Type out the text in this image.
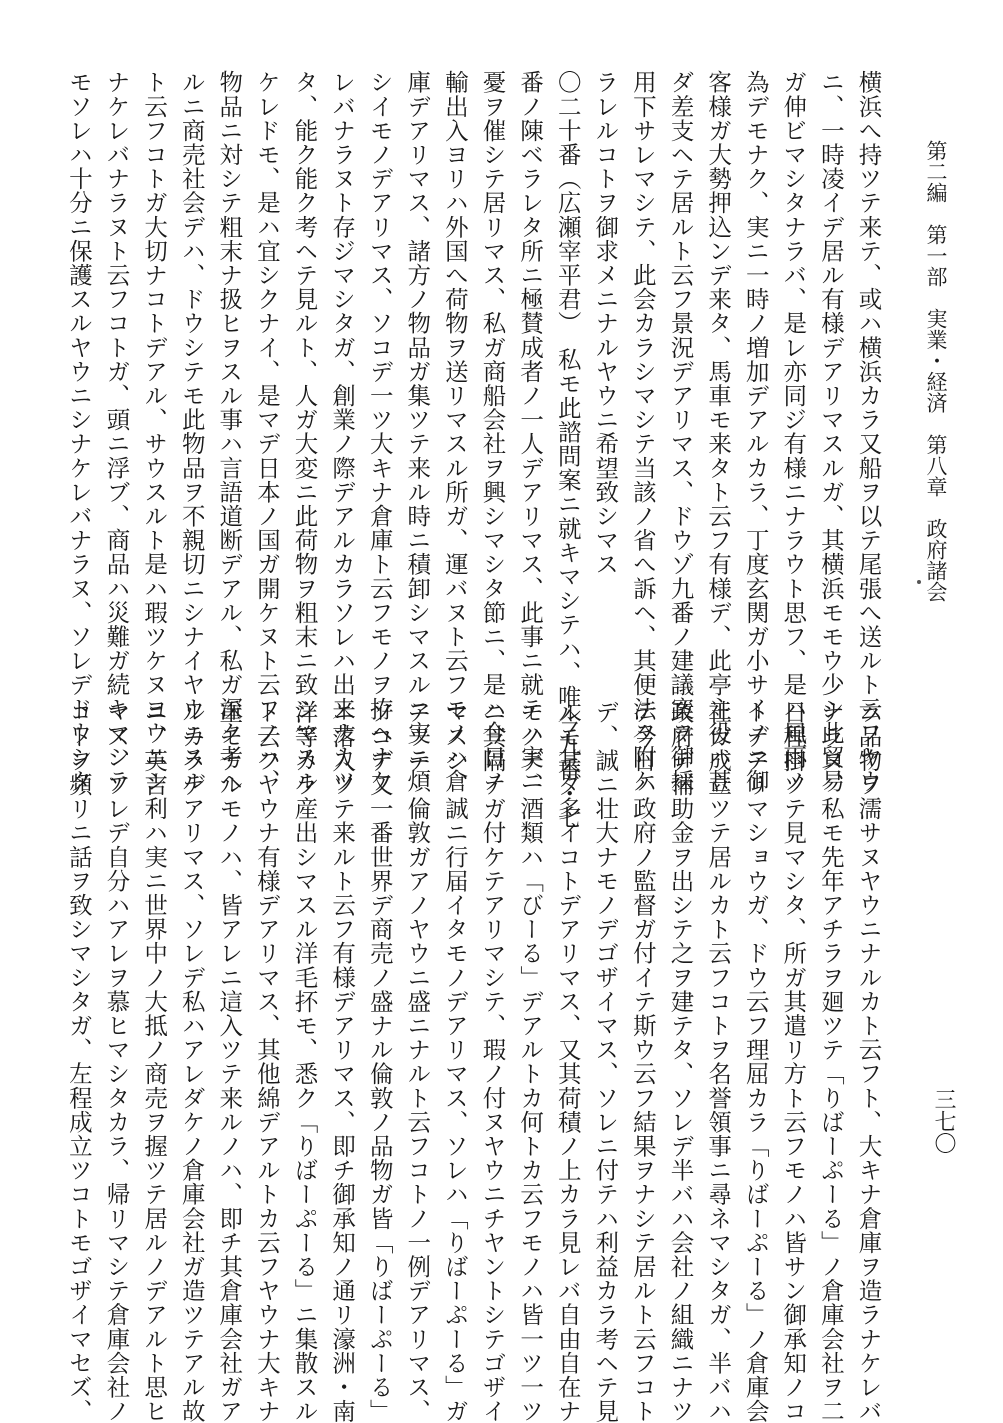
第二編　第一部　実業・経済　第八章　政府諸会
三七〇
横浜へ持ツテ来テ、或ハ横浜カラ又船ヲ以テ尾張へ送ルト云フヤウ
ニ、一時凌イデ居ル有様デアリマスルガ、其横浜モモウ少シ此貿易
ガ伸ビマシタナラバ、是レ亦同ジ有様ニナラウト思フ、是ハ風雨ノ
為デモナク、実ニ一時ノ増加デアルカラ、丁度玄関ガ小サイノニ御
客様ガ大勢押込ンデ来タ、馬車モ来タト云フ有様デ、此亭主役ハ甚
ダ差支ヘテ居ルト云フ景況デアリマス、ドウゾ九番ノ建議案ヲ御採
用下サレマシテ、此会カラシマシテ当該ノ省へ訴ヘ、其便法ヲ附ケ
ラレルコトヲ御求メニナルヤウニ希望致シマス
〇二十番（広瀬宰平君）　私モ此諮問案ニ就キマシテハ、唯今九番・七
番ノ陳ベラレタ所ニ極賛成者ノ一人デアリマス、此事ニ就テハ実ニ
憂ヲ催シテ居リマス、私ガ商船会社ヲ興シマシタ節ニ、是ハ今日ノ
輸出入ヨリハ外国へ荷物ヲ送リマスル所ガ、運バヌト云フモノハ倉
庫デアリマス、諸方ノ物品ガ集ツテ来ル時ニ積卸シマスルニ実ニ煩
シイモノデアリマス、ソコデ一ツ大キナ倉庫ト云フモノヲ拵ヘナケ
レバナラヌト存ジマシタガ、創業ノ際デアルカラソレハ出来ナカツ
タ、能ク能ク考ヘテ見ルト、人ガ大変ニ此荷物ヲ粗末ニ致シマスル
ケレドモ、是ハ宜シクナイ、是マデ日本ノ国ガ開ケヌト云フノハ、
物品ニ対シテ粗末ナ扱ヒヲスル事ハ言語道断デアル、私ガ深ク考ヘ
ルニ商売社会デハ、ドウシテモ此物品ヲ不親切ニシナイヤウニスル
ト云フコトガ大切ナコトデアル、サウスルト是ハ瑕ツケヌヨウニシ
ナケレバナラヌト云フコトガ、頭ニ浮ブ、商品ハ災難ガ続キマシテ
モソレハ十分ニ保護スルヤウニシナケレバナラヌ、ソレデドウシタ
ラ品物ヲ濡サヌヤウニナルカト云フト、大キナ倉庫ヲ造ラナケレバ
ナラヌ、私モ先年アチラヲ廻ツテ「りばーぷーる」ノ倉庫会社ヲ二
日程掛ツテ見マシタ、所ガ其遣リ方ト云フモノハ皆サン御承知ノコ
トデアリマショウガ、ドウ云フ理屈カラ「りばーぷーる」ノ倉庫会
社ガ成立ツテ居ルカト云フコトヲ名誉領事ニ尋ネマシタガ、半バハ
政府デ補助金ヲ出シテ之ヲ建テタ、ソレデ半バハ会社ノ組織ニナツ
テ今日ハ政府ノ監督ガ付イテ斯ウ云フ結果ヲナシテ居ルト云フコト
デ、誠ニ壮大ナモノデゴザイマス、ソレニ付テハ利益カラ考ヘテ見
ルモ甚ダ多イコトデアリマス、又其荷積ノ上カラ見レバ自由自在ナ
モノデ、酒類ハ「びーる」デアルトカ何トカ云フモノハ皆一ツ一ツ
ニ其隔テガ付ケテアリマシテ、瑕ノ付ヌヤウニチヤントシテゴザイ
マスシ、誠ニ行届イタモノデアリマス、ソレハ「りばーぷーる」ガ
アツテ、倫敦ガアノヤウニ盛ニナルト云フコトノ一例デアリマス、
ソコデ又一番世界デ商売ノ盛ナル倫敦ノ品物ガ皆「りばーぷーる」
ニ落入ツテ来ルト云フ有様デアリマス、即チ御承知ノ通リ濠洲・南
洋等カラ産出シマスル洋毛抔モ、悉ク「りばーぷーる」ニ集散スル
ト云フヤウナ有様デアリマス、其他綿デアルトカ云フヤウナ大キナ
重モナルモノハ、皆アレニ這入ツテ来ルノハ、即チ其倉庫会社ガア
ルカラデアリマス、ソレデ私ハアレダケノ倉庫会社ガ造ツテアル故
ニ、英吉利ハ実ニ世界中ノ大抵ノ商売ヲ握ツテ居ルノデアルト思ヒ
マス、ソレデ自分ハアレヲ慕ヒマシタカラ、帰リマシテ倉庫会社ノ
コトヲ頻リニ話ヲ致シマシタガ、左程成立ツコトモゴザイマセズ、
